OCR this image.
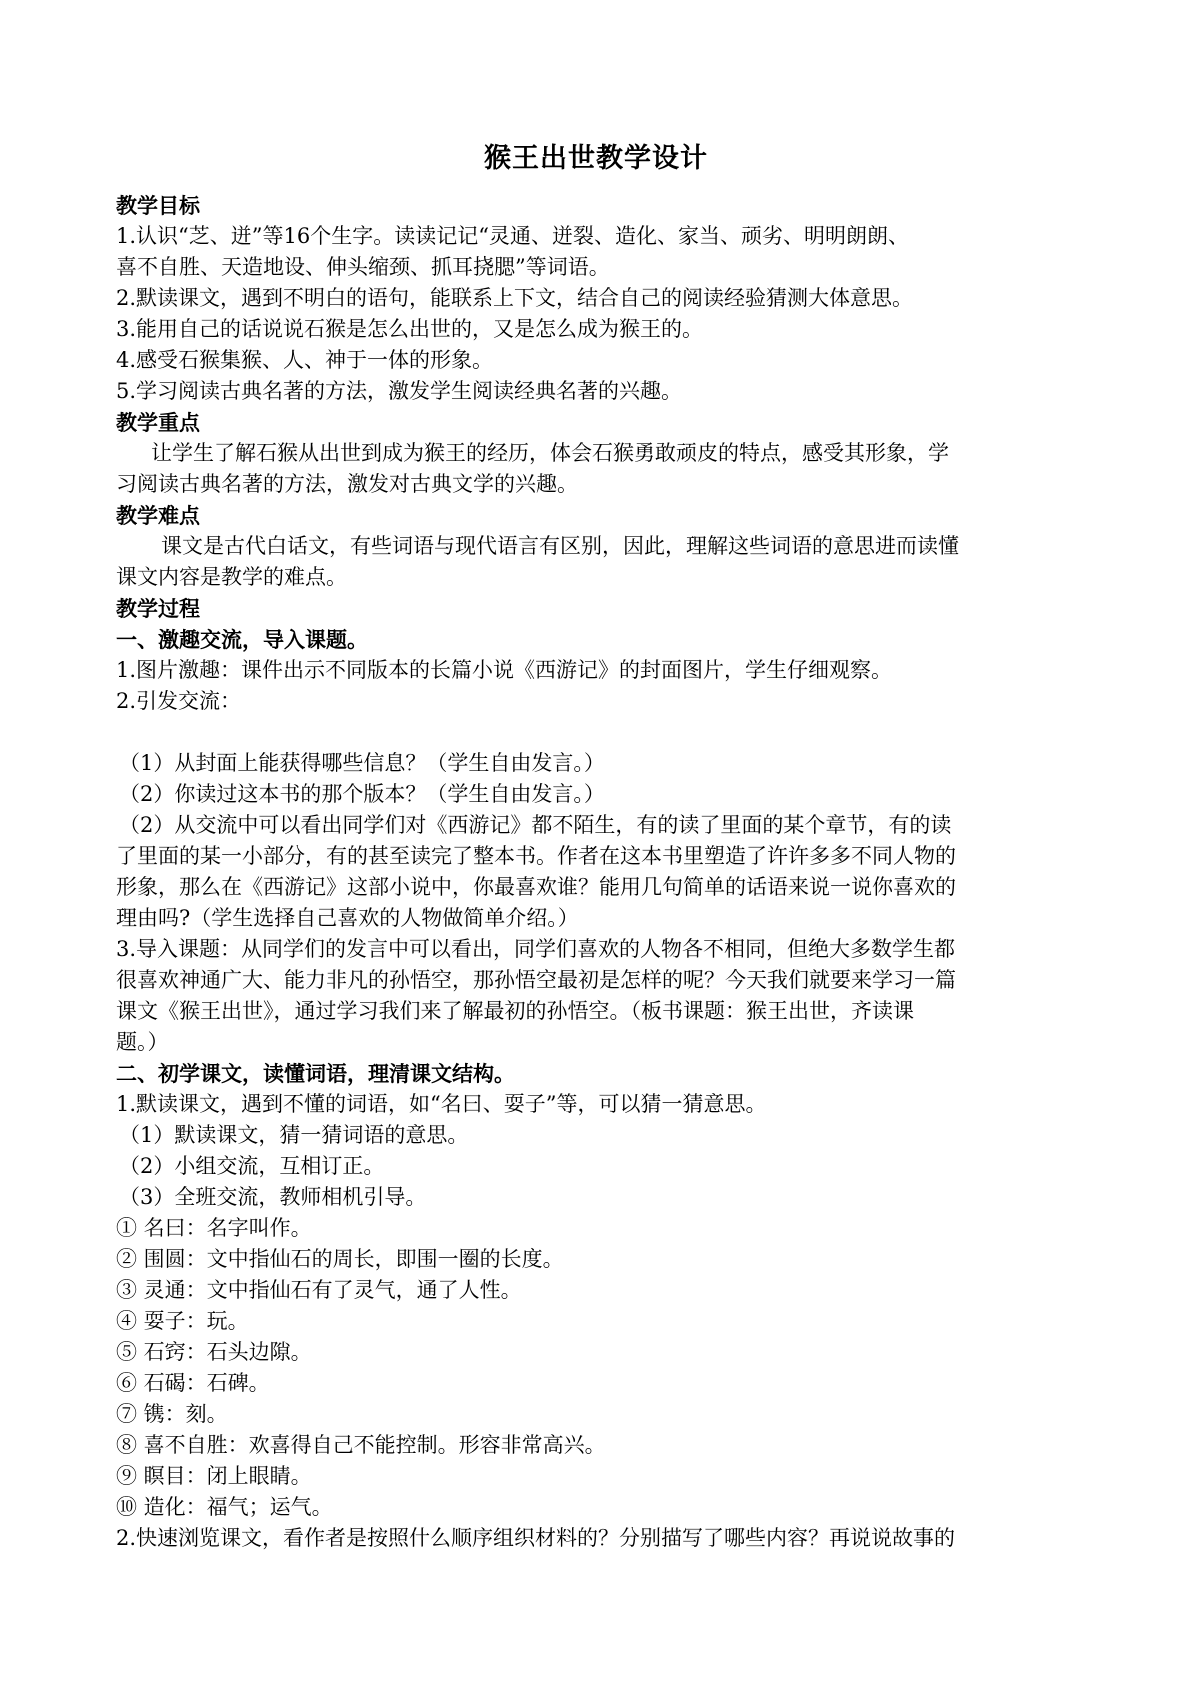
猴王出世教学设计
教学目标
1.认识“芝、迸”等16个生字。读读记记“灵通、迸裂、造化、家当、顽劣、明明朗朗、
喜不自胜、天造地设、伸头缩颈、抓耳挠腮”等词语。
2.默读课文，遇到不明白的语句，能联系上下文，结合自己的阅读经验猜测大体意思。
3.能用自己的话说说石猴是怎么出世的，又是怎么成为猴王的。
4.感受石猴集猴、人、神于一体的形象。
5.学习阅读古典名著的方法，激发学生阅读经典名著的兴趣。
教学重点
让学生了解石猴从出世到成为猴王的经历，体会石猴勇敢顽皮的特点，感受其形象，学
习阅读古典名著的方法，激发对古典文学的兴趣。
教学难点
课文是古代白话文，有些词语与现代语言有区别，因此，理解这些词语的意思进而读懂
课文内容是教学的难点。
教学过程
一、激趣交流，导入课题。
1.图片激趣：课件出示不同版本的长篇小说《西游记》的封面图片，学生仔细观察。
2.引发交流：
（1）从封面上能获得哪些信息？（学生自由发言。）
（2）你读过这本书的那个版本？（学生自由发言。）
（2）从交流中可以看出同学们对《西游记》都不陌生，有的读了里面的某个章节，有的读
了里面的某一小部分，有的甚至读完了整本书。作者在这本书里塑造了许许多多不同人物的
形象，那么在《西游记》这部小说中，你最喜欢谁？能用几句简单的话语来说一说你喜欢的
理由吗?（学生选择自己喜欢的人物做简单介绍。）
3.导入课题：从同学们的发言中可以看出，同学们喜欢的人物各不相同，但绝大多数学生都
很喜欢神通广大、能力非凡的孙悟空，那孙悟空最初是怎样的呢？今天我们就要来学习一篇
课文《猴王出世》，通过学习我们来了解最初的孙悟空。（板书课题：猴王出世，齐读课
题。）
二、初学课文，读懂词语，理清课文结构。
1.默读课文，遇到不懂的词语，如“名曰、耍子”等，可以猜一猜意思。
（1）默读课文，猜一猜词语的意思。
（2）小组交流，互相订正。
（3）全班交流，教师相机引导。
① 名曰：名字叫作。
② 围圆：文中指仙石的周长，即围一圈的长度。
③ 灵通：文中指仙石有了灵气，通了人性。
④ 耍子：玩。
⑤ 石窍：石头边隙。
⑥ 石碣：石碑。
⑦ 镌：刻。
⑧ 喜不自胜：欢喜得自己不能控制。形容非常高兴。
⑨ 瞑目：闭上眼睛。
⑩ 造化：福气；运气。
2.快速浏览课文，看作者是按照什么顺序组织材料的？分别描写了哪些内容？再说说故事的
